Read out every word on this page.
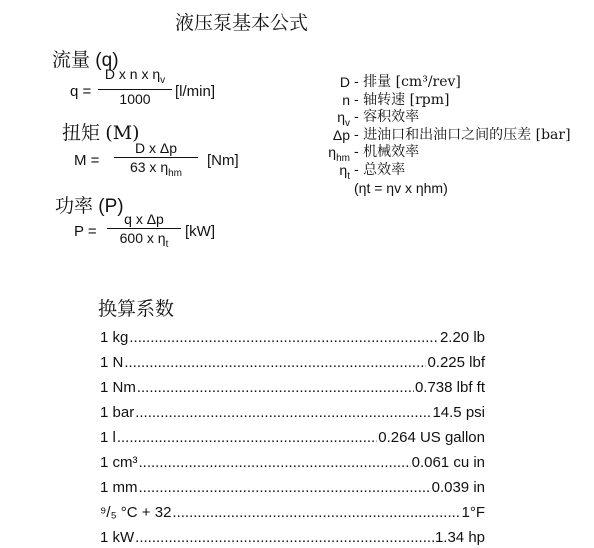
液压泵基本公式
流量 (q)
$q = \frac{D x n x \eta_v}{1000} [l/\min]$
扭矩 (M)
M =
D x Δp
63 x $\eta_{hm}$
[Nm]
功率 (P)
$P = \frac{\text{q x Δp}}{600 x \eta_t} [kW]$
D - 排量 [cm³/rev]
n - 轴转速 [rpm]
$\eta_v$ - 容积效率
Δp - 进油口和出油口之间的压差 [bar]
$\eta_{hm}$ - 机械效率
$\eta_t$ - 总效率
(ηt = ηv x ηhm)
换算系数
1 kg .....	2.20 lb
1 N .....	0.225 lbf
1 Nm .....	0.738 lbf ft
1 bar .....	14.5 psi
1 l .....	0.264 US gallon
1 cm³ .....	0.061 cu in
1 mm .....	0.039 in
⁹/₅ °C + 32 .....	1°F
1 kW .....	1.34 hp
